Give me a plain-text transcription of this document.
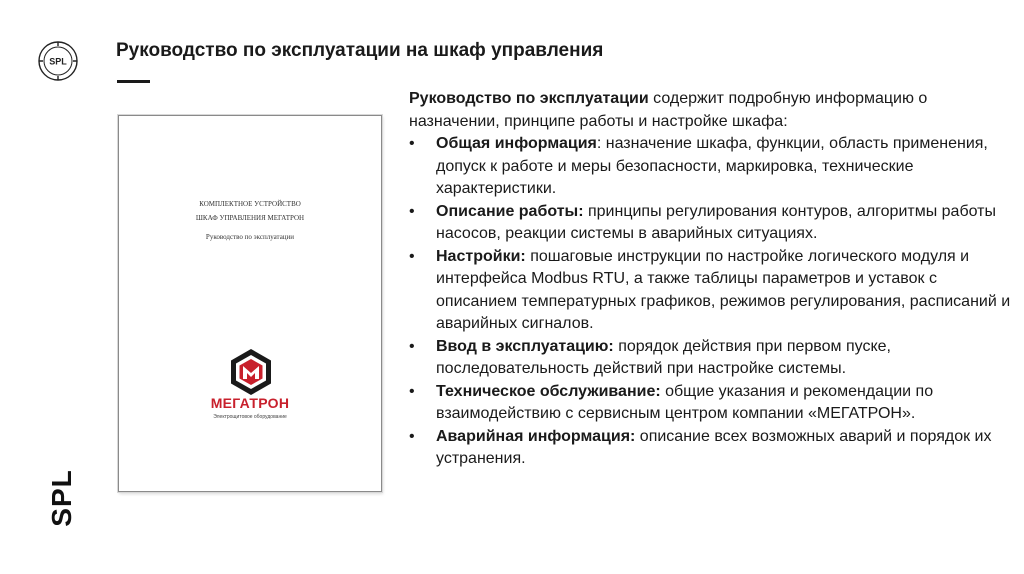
SPL
Руководство по эксплуатации на шкаф управления
SPL
КОМПЛЕКТНОЕ УСТРОЙСТВО
ШКАФ УПРАВЛЕНИЯ МЕГАТРОН
Руководство по эксплуатации
МЕГАТРОН
Электрощитовое оборудование

Руководство по эксплуатации содержит подробную информацию о назначении, принципе работы и настройке шкафа:

• Общая информация: назначение шкафа, функции, область применения, допуск к работе и меры безопасности, маркировка, технические характеристики.
• Описание работы: принципы регулирования контуров, алгоритмы работы насосов, реакции системы в аварийных ситуациях.
• Настройки: пошаговые инструкции по настройке логического модуля и интерфейса Modbus RTU, а также таблицы параметров и уставок с описанием температурных графиков, режимов регулирования, расписаний и аварийных сигналов.
• Ввод в эксплуатацию: порядок действия при первом пуске, последовательность действий при настройке системы.
• Техническое обслуживание: общие указания и рекомендации по взаимодействию с сервисным центром компании «МЕГАТРОН».
• Аварийная информация: описание всех возможных аварий и порядок их устранения.
